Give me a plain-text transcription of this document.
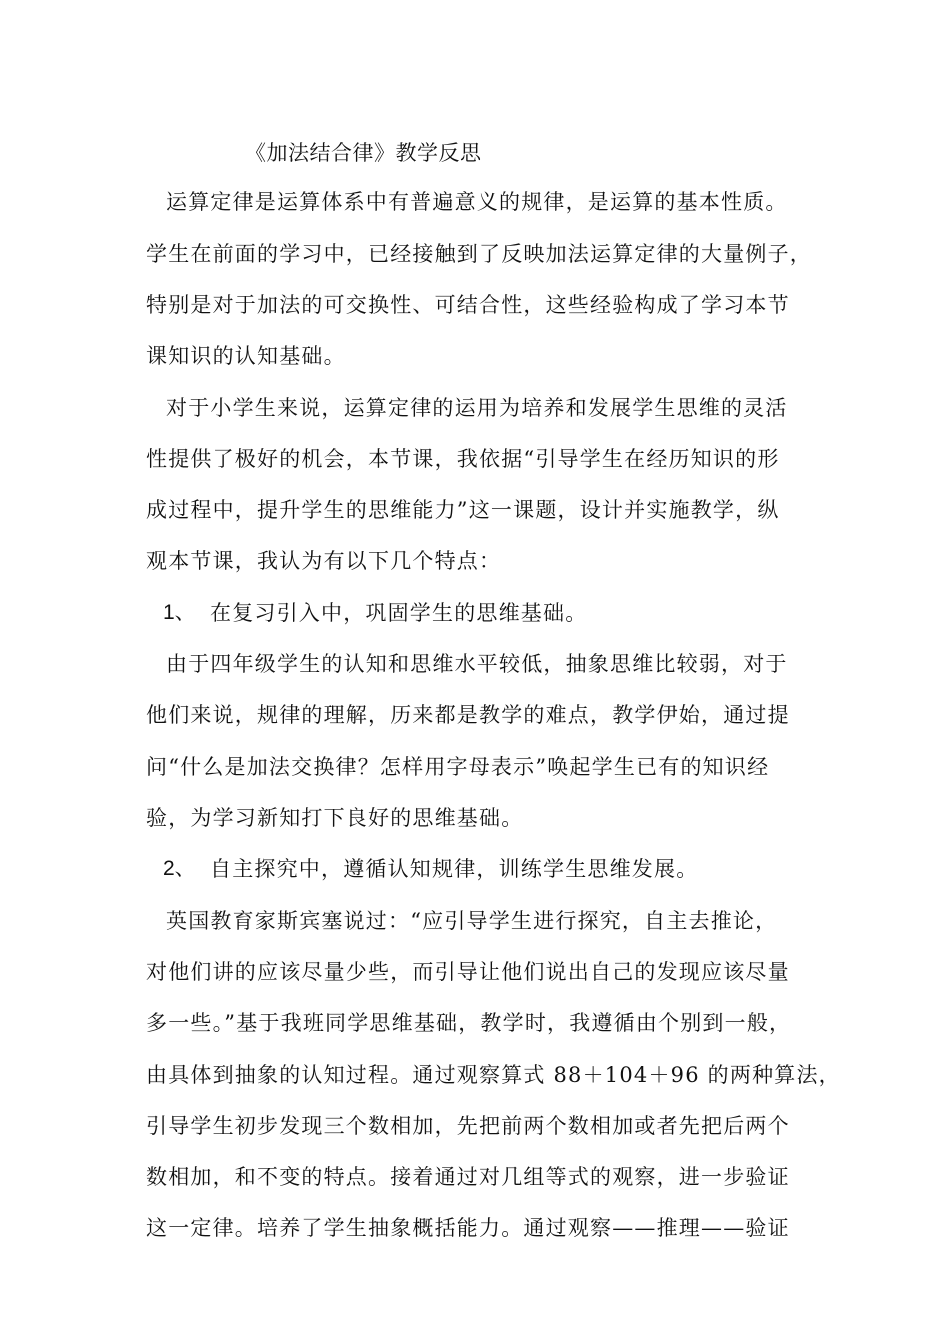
《加法结合律》教学反思
运算定律是运算体系中有普遍意义的规律，是运算的基本性质。
学生在前面的学习中，已经接触到了反映加法运算定律的大量例子，
特别是对于加法的可交换性、可结合性，这些经验构成了学习本节
课知识的认知基础。
对于小学生来说，运算定律的运用为培养和发展学生思维的灵活
性提供了极好的机会，本节课，我依据“引导学生在经历知识的形
成过程中，提升学生的思维能力”这一课题，设计并实施教学，纵
观本节课，我认为有以下几个特点：
1、 在复习引入中，巩固学生的思维基础。
由于四年级学生的认知和思维水平较低，抽象思维比较弱，对于
他们来说，规律的理解，历来都是教学的难点，教学伊始，通过提
问“什么是加法交换律？怎样用字母表示”唤起学生已有的知识经
验，为学习新知打下良好的思维基础。
2、 自主探究中，遵循认知规律，训练学生思维发展。
英国教育家斯宾塞说过：“应引导学生进行探究，自主去推论，
对他们讲的应该尽量少些，而引导让他们说出自己的发现应该尽量
多一些。”基于我班同学思维基础，教学时，我遵循由个别到一般，
由具体到抽象的认知过程。通过观察算式 88＋104＋96 的两种算法，
引导学生初步发现三个数相加，先把前两个数相加或者先把后两个
数相加，和不变的特点。接着通过对几组等式的观察，进一步验证
这一定律。培养了学生抽象概括能力。通过观察——推理——验证
